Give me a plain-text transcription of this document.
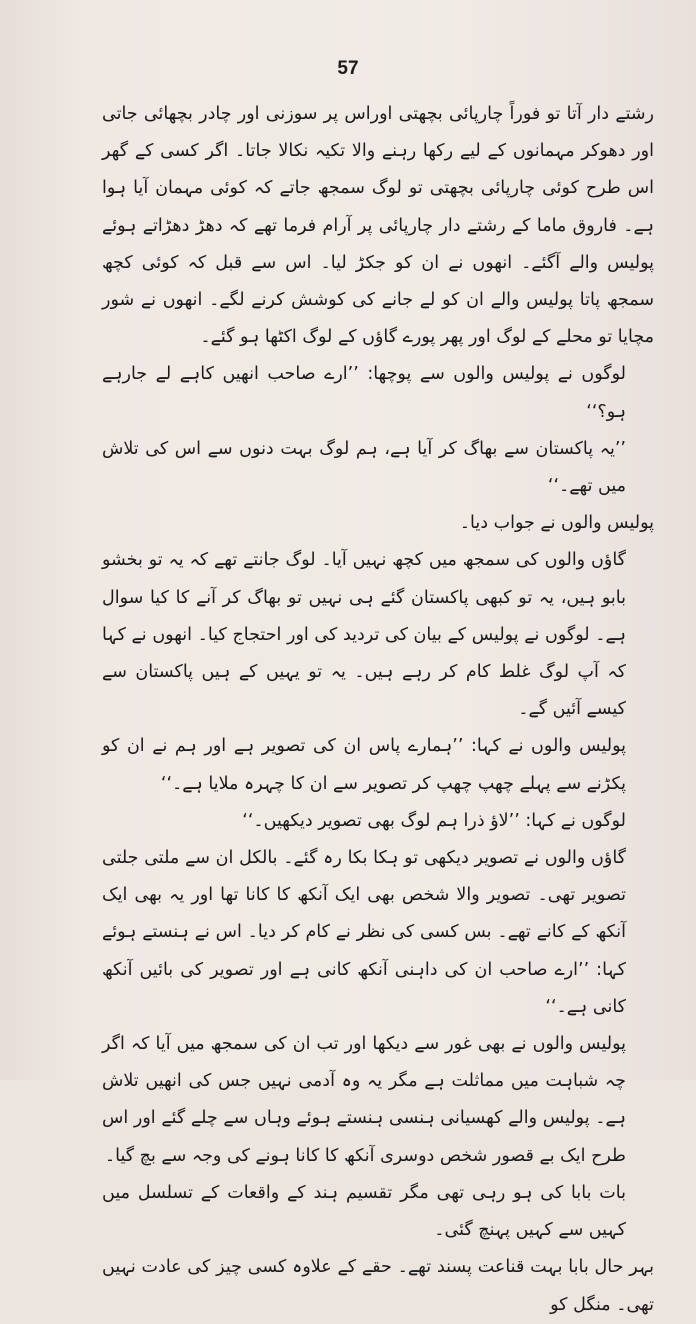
57

رشتے دار آتا تو فوراً چارپائی بچھتی اوراس پر سوزنی اور چادر بچھائی جاتی اور دھوکر مہمانوں کے لیے رکھا رہنے والا تکیہ نکالا جاتا۔ اگر کسی کے گھر اس طرح کوئی چارپائی بچھتی تو لوگ سمجھ جاتے کہ کوئی مہمان آیا ہوا ہے۔ فاروق ماما کے رشتے دار چارپائی پر آرام فرما تھے کہ دھڑ دھڑاتے ہوئے پولیس والے آگئے۔ انھوں نے ان کو جکڑ لیا۔ اس سے قبل کہ کوئی کچھ سمجھ پاتا پولیس والے ان کو لے جانے کی کوشش کرنے لگے۔ انھوں نے شور مچایا تو محلے کے لوگ اور پھر پورے گاؤں کے لوگ اکٹھا ہو گئے۔

لوگوں نے پولیس والوں سے پوچھا: ’’ارے صاحب انھیں کاہے لے جارہے ہو؟‘‘

’’یہ پاکستان سے بھاگ کر آیا ہے، ہم لوگ بہت دنوں سے اس کی تلاش میں تھے۔‘‘

پولیس والوں نے جواب دیا۔

گاؤں والوں کی سمجھ میں کچھ نہیں آیا۔ لوگ جانتے تھے کہ یہ تو بخشو بابو ہیں، یہ تو کبھی پاکستان گئے ہی نہیں تو بھاگ کر آنے کا کیا سوال ہے۔ لوگوں نے پولیس کے بیان کی تردید کی اور احتجاج کیا۔ انھوں نے کہا کہ آپ لوگ غلط کام کر رہے ہیں۔ یہ تو یہیں کے ہیں پاکستان سے کیسے آئیں گے۔

پولیس والوں نے کہا: ’’ہمارے پاس ان کی تصویر ہے اور ہم نے ان کو پکڑنے سے پہلے چھپ چھپ کر تصویر سے ان کا چہرہ ملایا ہے۔‘‘

لوگوں نے کہا: ’’لاؤ ذرا ہم لوگ بھی تصویر دیکھیں۔‘‘

گاؤں والوں نے تصویر دیکھی تو ہکا بکا رہ گئے۔ بالکل ان سے ملتی جلتی تصویر تھی۔ تصویر والا شخص بھی ایک آنکھ کا کانا تھا اور یہ بھی ایک آنکھ کے کانے تھے۔ بس کسی کی نظر نے کام کر دیا۔ اس نے ہنستے ہوئے کہا: ’’ارے صاحب ان کی داہنی آنکھ کانی ہے اور تصویر کی بائیں آنکھ کانی ہے۔‘‘

پولیس والوں نے بھی غور سے دیکھا اور تب ان کی سمجھ میں آیا کہ اگر چہ شباہت میں مماثلت ہے مگر یہ وہ آدمی نہیں جس کی انھیں تلاش ہے۔ پولیس والے کھسیانی ہنسی ہنستے ہوئے وہاں سے چلے گئے اور اس طرح ایک بے قصور شخص دوسری آنکھ کا کانا ہونے کی وجہ سے بچ گیا۔

بات بابا کی ہو رہی تھی مگر تقسیم ہند کے واقعات کے تسلسل میں کہیں سے کہیں پہنچ گئی۔

بہر حال بابا بہت قناعت پسند تھے۔ حقے کے علاوہ کسی چیز کی عادت نہیں تھی۔ منگل کو
